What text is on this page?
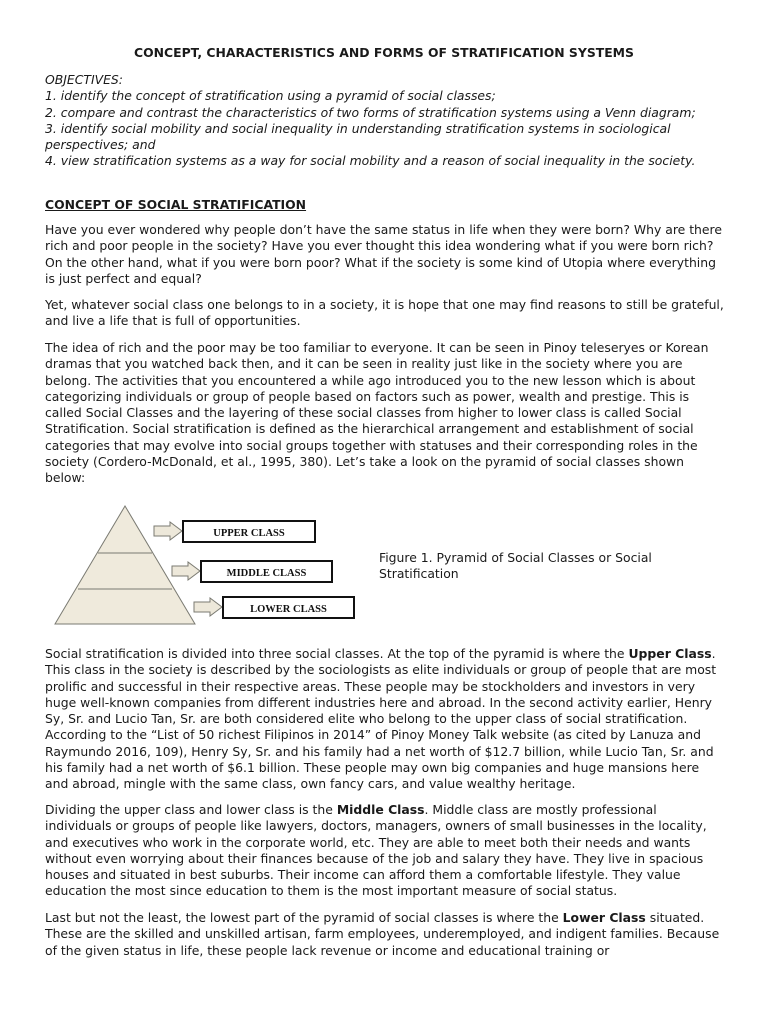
CONCEPT, CHARACTERISTICS AND FORMS OF STRATIFICATION SYSTEMS
OBJECTIVES:
1. identify the concept of stratification using a pyramid of social classes;
2. compare and contrast the characteristics of two forms of stratification systems using a Venn diagram;
3. identify social mobility and social inequality in understanding stratification systems in sociological perspectives; and
4. view stratification systems as a way for social mobility and a reason of social inequality in the society.
CONCEPT OF SOCIAL STRATIFICATION

Have you ever wondered why people don’t have the same status in life when they were born? Why are there rich and poor people in the society? Have you ever thought this idea wondering what if you were born rich? On the other hand, what if you were born poor? What if the society is some kind of Utopia where everything is just perfect and equal?

Yet, whatever social class one belongs to in a society, it is hope that one may find reasons to still be grateful, and live a life that is full of opportunities.

The idea of rich and the poor may be too familiar to everyone. It can be seen in Pinoy teleseryes or Korean dramas that you watched back then, and it can be seen in reality just like in the society where you are belong. The activities that you encountered a while ago introduced you to the new lesson which is about categorizing individuals or group of people based on factors such as power, wealth and prestige. This is called Social Classes and the layering of these social classes from higher to lower class is called Social Stratification. Social stratification is defined as the hierarchical arrangement and establishment of social categories that may evolve into social groups together with statuses and their corresponding roles in the society (Cordero-McDonald, et al., 1995, 380). Let’s take a look on the pyramid of social classes shown below:

UPPER CLASS
MIDDLE CLASS
LOWER CLASS
Figure 1. Pyramid of Social Classes or Social Stratification

Social stratification is divided into three social classes. At the top of the pyramid is where the Upper Class. This class in the society is described by the sociologists as elite individuals or group of people that are most prolific and successful in their respective areas. These people may be stockholders and investors in very huge well-known companies from different industries here and abroad. In the second activity earlier, Henry Sy, Sr. and Lucio Tan, Sr. are both considered elite who belong to the upper class of social stratification. According to the “List of 50 richest Filipinos in 2014” of Pinoy Money Talk website (as cited by Lanuza and Raymundo 2016, 109), Henry Sy, Sr. and his family had a net worth of $12.7 billion, while Lucio Tan, Sr. and his family had a net worth of $6.1 billion. These people may own big companies and huge mansions here and abroad, mingle with the same class, own fancy cars, and value wealthy heritage.

Dividing the upper class and lower class is the Middle Class. Middle class are mostly professional individuals or groups of people like lawyers, doctors, managers, owners of small businesses in the locality, and executives who work in the corporate world, etc. They are able to meet both their needs and wants without even worrying about their finances because of the job and salary they have. They live in spacious houses and situated in best suburbs. Their income can afford them a comfortable lifestyle. They value education the most since education to them is the most important measure of social status.

Last but not the least, the lowest part of the pyramid of social classes is where the Lower Class situated. These are the skilled and unskilled artisan, farm employees, underemployed, and indigent families. Because of the given status in life, these people lack revenue or income and educational training or
